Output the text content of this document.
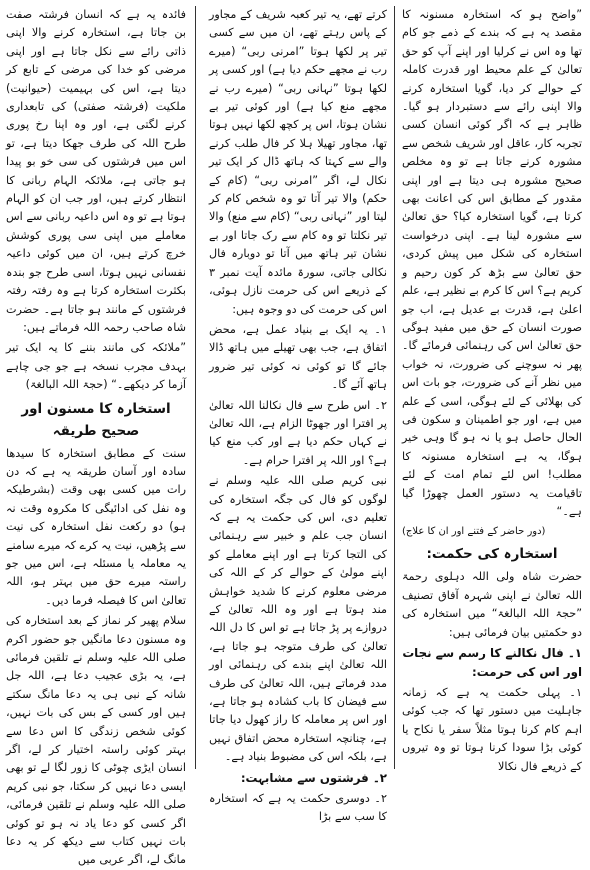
”واضح ہو کہ استخارہ مسنونہ کا مقصد یہ ہے کہ بندے کے ذمے جو کام تھا وہ اس نے کرلیا اور اپنے آپ کو حق تعالیٰ کے علم محیط اور قدرت کاملہ کے حوالے کر دیا، گویا استخارہ کرنے والا اپنی رائے سے دستبردار ہو گیا۔ ظاہر ہے کہ اگر کوئی انسان کسی تجربہ کار، عاقل اور شریف شخص سے مشورہ کرنے جاتا ہے تو وہ مخلص صحیح مشورہ ہی دیتا ہے اور اپنی مقدور کے مطابق اس کی اعانت بھی کرتا ہے، گویا استخارہ کیا؟ حق تعالیٰ سے مشورہ لینا ہے۔ اپنی درخواست استخارہ کی شکل میں پیش کردی، حق تعالیٰ سے بڑھ کر کون رحیم و کریم ہے؟ اس کا کرم بے نظیر ہے، علم اعلیٰ ہے، قدرت بے عدیل ہے، اب جو صورت انسان کے حق میں مفید ہوگی حق تعالیٰ اس کی رہنمائی فرمائے گا۔ پھر نہ سوچنے کی ضرورت، نہ خواب میں نظر آنے کی ضرورت، جو بات اس کی بھلائی کے لئے ہوگی، اسی کے علم میں ہے، اور جو اطمینان و سکون فی الحال حاصل ہو یا نہ ہو گا وہی خیر ہوگا، یہ ہے استخارہ مسنونہ کا مطلب! اس لئے تمام امت کے لئے تاقیامت یہ دستور العمل چھوڑا گیا ہے۔“

(دور حاضر کے فتنے اور ان کا علاج)

استخارہ کی حکمت:

حضرت شاہ ولی اللہ دہلوی رحمۃ اللہ تعالیٰ نے اپنی شہرہ آفاق تصنیف ”حجۃ اللہ البالغۃ“ میں استخارہ کی دو حکمتیں بیان فرمائی ہیں:

۱۔ فال نکالنے کا رسم سے نجات اور اس کی حرمت:

۱۔ پہلی حکمت یہ ہے کہ زمانہ جاہلیت میں دستور تھا کہ جب کوئی اہم کام کرنا ہوتا مثلاً سفر یا نکاح یا کوئی بڑا سودا کرنا ہوتا تو وہ تیروں کے ذریعے فال نکالا

کرتے تھے، یہ تیر کعبہ شریف کے مجاور کے پاس رہتے تھے، ان میں سے کسی تیر پر لکھا ہوتا ”امرنی ربی“ (میرے رب نے مجھے حکم دیا ہے) اور کسی پر لکھا ہوتا ”نہانی ربی“ (میرے رب نے مجھے منع کیا ہے) اور کوئی تیر بے نشان ہوتا، اس پر کچھ لکھا نہیں ہوتا تھا، مجاور تھیلا ہلا کر فال طلب کرنے والے سے کہتا کہ ہاتھ ڈال کر ایک تیر نکال لے، اگر ”امرنی ربی“ (کام کے حکم) والا تیر آتا تو وہ شخص کام کر لیتا اور ”نہانی ربی“ (کام سے منع) والا تیر نکلتا تو وہ کام سے رک جاتا اور بے نشان تیر ہاتھ میں آتا تو دوبارہ فال نکالی جاتی، سورۃ مائدہ آیت نمبر ۳ کے ذریعے اس کی حرمت نازل ہوئی، اس کی حرمت کی دو وجوہ ہیں:

۱۔ یہ ایک بے بنیاد عمل ہے، محض اتفاق ہے، جب بھی تھیلے میں ہاتھ ڈالا جائے گا تو کوئی نہ کوئی تیر ضرور ہاتھ آئے گا۔

۲۔ اس طرح سے فال نکالنا اللہ تعالیٰ پر افترا اور جھوٹا الزام ہے، اللہ تعالیٰ نے کہاں حکم دیا ہے اور کب منع کیا ہے؟ اور اللہ پر افترا حرام ہے۔

نبی کریم صلی اللہ علیہ وسلم نے لوگوں کو فال کی جگہ استخارہ کی تعلیم دی، اس کی حکمت یہ ہے کہ انسان جب علم و خبیر سے رہنمائی کی التجا کرتا ہے اور اپنے معاملے کو اپنے مولیٰ کے حوالے کر کے اللہ کی مرضی معلوم کرنے کا شدید خواہش مند ہوتا ہے اور وہ اللہ تعالیٰ کے دروازے پر پڑ جاتا ہے تو اس کا دل اللہ تعالیٰ کی طرف متوجہ ہو جاتا ہے، اللہ تعالیٰ اپنے بندے کی رہنمائی اور مدد فرماتے ہیں، اللہ تعالیٰ کی طرف سے فیضان کا باب کشادہ ہو جاتا ہے، اور اس پر معاملہ کا راز کھول دیا جاتا ہے، چنانچہ استخارہ محض اتفاق نہیں ہے، بلکہ اس کی مضبوط بنیاد ہے۔

۲۔ فرشتوں سے مشابہت:

۲۔ دوسری حکمت یہ ہے کہ استخارہ کا سب سے بڑا

فائدہ یہ ہے کہ انسان فرشتہ صفت بن جاتا ہے، استخارہ کرنے والا اپنی ذاتی رائے سے نکل جاتا ہے اور اپنی مرضی کو خدا کی مرضی کے تابع کر دیتا ہے، اس کی بہیمیت (حیوانیت) ملکیت (فرشتہ صفتی) کی تابعداری کرنے لگتی ہے، اور وہ اپنا رخ پوری طرح اللہ کی طرف جھکا دیتا ہے، تو اس میں فرشتوں کی سی خو بو پیدا ہو جاتی ہے، ملائکہ الہام ربانی کا انتظار کرتے ہیں، اور جب ان کو الہام ہوتا ہے تو وہ اس داعیہ ربانی سے اس معاملے میں اپنی سی پوری کوشش خرچ کرتے ہیں، ان میں کوئی داعیہ نفسانی نہیں ہوتا، اسی طرح جو بندہ بکثرت استخارہ کرتا ہے وہ رفتہ رفتہ فرشتوں کے مانند ہو جاتا ہے۔ حضرت شاہ صاحب رحمہ اللہ فرماتے ہیں:

”ملائکہ کی مانند بننے کا یہ ایک تیر بہدف مجرب نسخہ ہے جو جی چاہے آزما کر دیکھے۔“ (حجۃ اللہ البالغۃ)

استخارہ کا مسنون اور صحیح طریقہ

سنت کے مطابق استخارہ کا سیدھا سادہ اور آسان طریقہ یہ ہے کہ دن رات میں کسی بھی وقت (بشرطیکہ وہ نفل کی ادائیگی کا مکروہ وقت نہ ہو) دو رکعت نفل استخارہ کی نیت سے پڑھیں، نیت یہ کرے کہ میرے سامنے یہ معاملہ یا مسئلہ ہے، اس میں جو راستہ میرے حق میں بہتر ہو، اللہ تعالیٰ اس کا فیصلہ فرما دیں۔

سلام پھیر کر نماز کے بعد استخارہ کی وہ مسنون دعا مانگیں جو حضور اکرم صلی اللہ علیہ وسلم نے تلقین فرمائی ہے، یہ بڑی عجیب دعا ہے، اللہ جل شانہ کے نبی ہی یہ دعا مانگ سکتے ہیں اور کسی کے بس کی بات نہیں، کوئی شخص زندگی کا اس دعا سے بہتر کوئی راستہ اختیار کر لے، اگر انسان ایڑی چوٹی کا زور لگا لے تو بھی ایسی دعا نہیں کر سکتا، جو نبی کریم صلی اللہ علیہ وسلم نے تلقین فرمائی، اگر کسی کو دعا یاد نہ ہو تو کوئی بات نہیں کتاب سے دیکھ کر یہ دعا مانگ لے، اگر عربی میں
